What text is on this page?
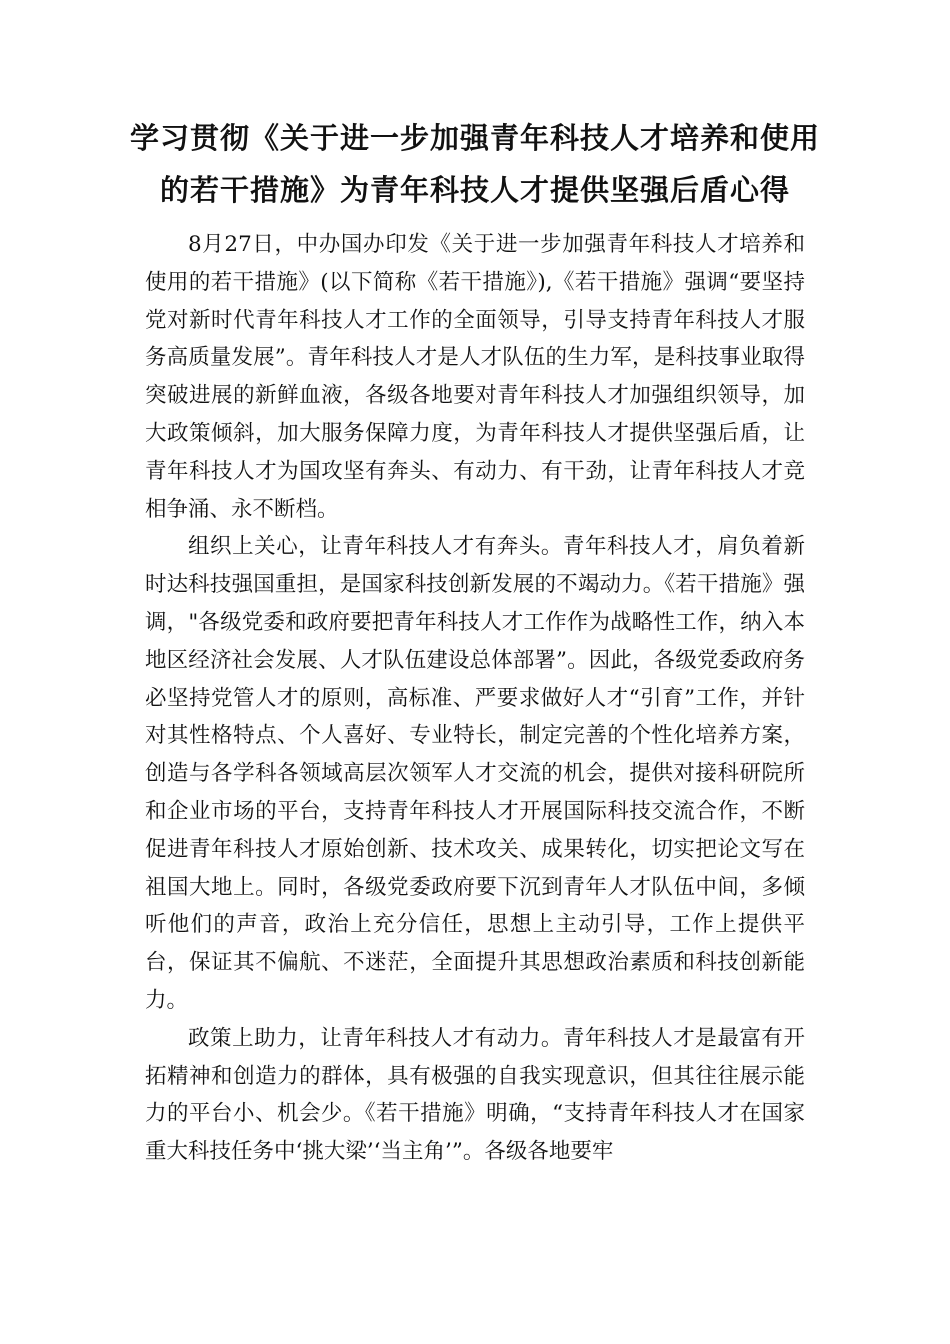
学习贯彻《关于进一步加强青年科技人才培养和使用
的若干措施》为青年科技人才提供坚强后盾心得

8月27日，中办国办印发《关于进一步加强青年科技人才培养和使用的若干措施》(以下简称《若干措施》),《若干措施》强调“要坚持党对新时代青年科技人才工作的全面领导，引导支持青年科技人才服务高质量发展”。青年科技人才是人才队伍的生力军，是科技事业取得突破进展的新鲜血液，各级各地要对青年科技人才加强组织领导，加大政策倾斜，加大服务保障力度，为青年科技人才提供坚强后盾，让青年科技人才为国攻坚有奔头、有动力、有干劲，让青年科技人才竞相争涌、永不断档。

组织上关心，让青年科技人才有奔头。青年科技人才，肩负着新时达科技强国重担，是国家科技创新发展的不竭动力。《若干措施》强调，"各级党委和政府要把青年科技人才工作作为战略性工作，纳入本地区经济社会发展、人才队伍建设总体部署”。因此，各级党委政府务必坚持党管人才的原则，高标准、严要求做好人才“引育”工作，并针对其性格特点、个人喜好、专业特长，制定完善的个性化培养方案，创造与各学科各领域高层次领军人才交流的机会，提供对接科研院所和企业市场的平台，支持青年科技人才开展国际科技交流合作，不断促进青年科技人才原始创新、技术攻关、成果转化，切实把论文写在祖国大地上。同时，各级党委政府要下沉到青年人才队伍中间，多倾听他们的声音，政治上充分信任，思想上主动引导，工作上提供平台，保证其不偏航、不迷茫，全面提升其思想政治素质和科技创新能力。

政策上助力，让青年科技人才有动力。青年科技人才是最富有开拓精神和创造力的群体，具有极强的自我实现意识，但其往往展示能力的平台小、机会少。《若干措施》明确，“支持青年科技人才在国家重大科技任务中‘挑大梁’‘当主角’”。各级各地要牢
